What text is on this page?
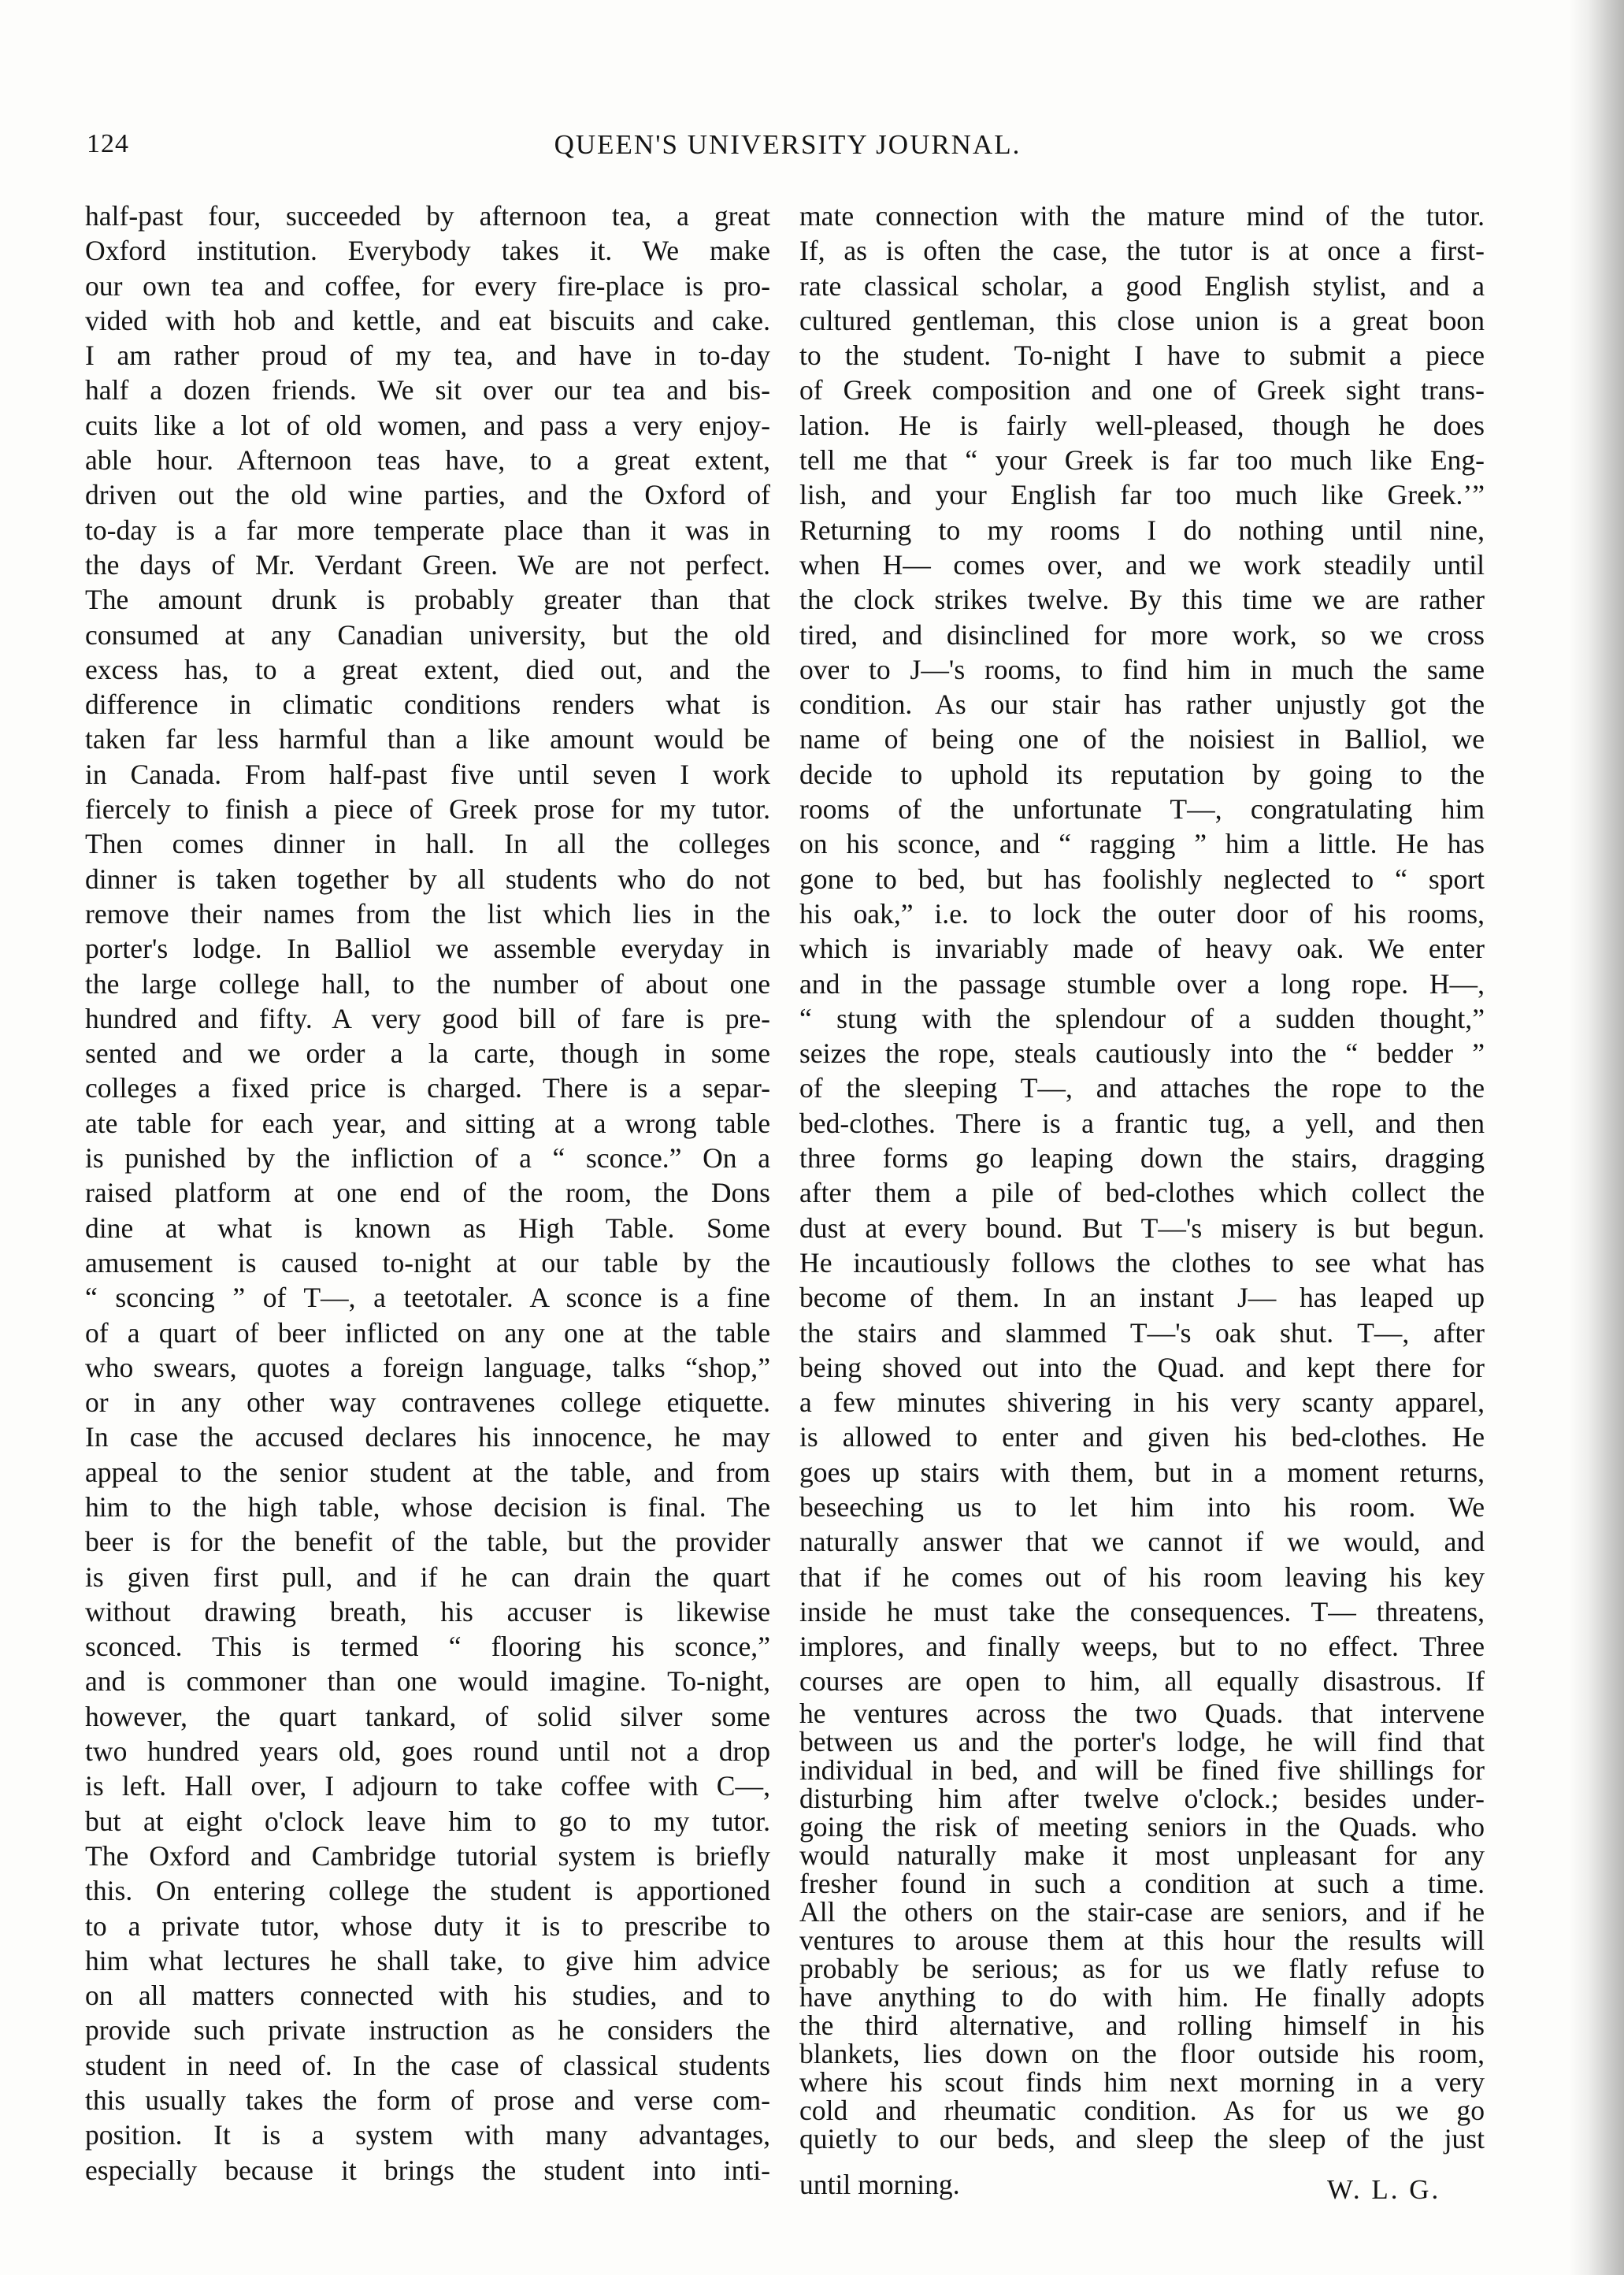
124	QUEEN'S UNIVERSITY JOURNAL.
half-past four, succeeded by afternoon tea, a great
Oxford institution. Everybody takes it. We make
our own tea and coffee, for every fire-place is pro-
vided with hob and kettle, and eat biscuits and cake.
I am rather proud of my tea, and have in to-day
half a dozen friends. We sit over our tea and bis-
cuits like a lot of old women, and pass a very enjoy-
able hour. Afternoon teas have, to a great extent,
driven out the old wine parties, and the Oxford of
to-day is a far more temperate place than it was in
the days of Mr. Verdant Green. We are not perfect.
The amount drunk is probably greater than that
consumed at any Canadian university, but the old
excess has, to a great extent, died out, and the
difference in climatic conditions renders what is
taken far less harmful than a like amount would be
in Canada. From half-past five until seven I work
fiercely to finish a piece of Greek prose for my tutor.
Then comes dinner in hall. In all the colleges
dinner is taken together by all students who do not
remove their names from the list which lies in the
porter's lodge. In Balliol we assemble everyday in
the large college hall, to the number of about one
hundred and fifty. A very good bill of fare is pre-
sented and we order a la carte, though in some
colleges a fixed price is charged. There is a separ-
ate table for each year, and sitting at a wrong table
is punished by the infliction of a “ sconce.” On a
raised platform at one end of the room, the Dons
dine at what is known as High Table. Some
amusement is caused to-night at our table by the
“ sconcing ” of T—, a teetotaler. A sconce is a fine
of a quart of beer inflicted on any one at the table
who swears, quotes a foreign language, talks “shop,”
or in any other way contravenes college etiquette.
In case the accused declares his innocence, he may
appeal to the senior student at the table, and from
him to the high table, whose decision is final. The
beer is for the benefit of the table, but the provider
is given first pull, and if he can drain the quart
without drawing breath, his accuser is likewise
sconced. This is termed “ flooring his sconce,”
and is commoner than one would imagine. To-night,
however, the quart tankard, of solid silver some
two hundred years old, goes round until not a drop
is left. Hall over, I adjourn to take coffee with C—,
but at eight o'clock leave him to go to my tutor.
The Oxford and Cambridge tutorial system is briefly
this. On entering college the student is apportioned
to a private tutor, whose duty it is to prescribe to
him what lectures he shall take, to give him advice
on all matters connected with his studies, and to
provide such private instruction as he considers the
student in need of. In the case of classical students
this usually takes the form of prose and verse com-
position. It is a system with many advantages,
especially because it brings the student into inti-
mate connection with the mature mind of the tutor.
If, as is often the case, the tutor is at once a first-
rate classical scholar, a good English stylist, and a
cultured gentleman, this close union is a great boon
to the student. To-night I have to submit a piece
of Greek composition and one of Greek sight trans-
lation. He is fairly well-pleased, though he does
tell me that “ your Greek is far too much like Eng-
lish, and your English far too much like Greek.’”
Returning to my rooms I do nothing until nine,
when H— comes over, and we work steadily until
the clock strikes twelve. By this time we are rather
tired, and disinclined for more work, so we cross
over to J—'s rooms, to find him in much the same
condition. As our stair has rather unjustly got the
name of being one of the noisiest in Balliol, we
decide to uphold its reputation by going to the
rooms of the unfortunate T—, congratulating him
on his sconce, and “ ragging ” him a little. He has
gone to bed, but has foolishly neglected to “ sport
his oak,” i.e. to lock the outer door of his rooms,
which is invariably made of heavy oak. We enter
and in the passage stumble over a long rope. H—,
“ stung with the splendour of a sudden thought,”
seizes the rope, steals cautiously into the “ bedder ”
of the sleeping T—, and attaches the rope to the
bed-clothes. There is a frantic tug, a yell, and then
three forms go leaping down the stairs, dragging
after them a pile of bed-clothes which collect the
dust at every bound. But T—'s misery is but begun.
He incautiously follows the clothes to see what has
become of them. In an instant J— has leaped up
the stairs and slammed T—'s oak shut. T—, after
being shoved out into the Quad. and kept there for
a few minutes shivering in his very scanty apparel,
is allowed to enter and given his bed-clothes. He
goes up stairs with them, but in a moment returns,
beseeching us to let him into his room. We
naturally answer that we cannot if we would, and
that if he comes out of his room leaving his key
inside he must take the consequences. T— threatens,
implores, and finally weeps, but to no effect. Three
courses are open to him, all equally disastrous. If
he ventures across the two Quads. that intervene
between us and the porter's lodge, he will find that
individual in bed, and will be fined five shillings for
disturbing him after twelve o'clock.; besides under-
going the risk of meeting seniors in the Quads. who
would naturally make it most unpleasant for any
fresher found in such a condition at such a time.
All the others on the stair-case are seniors, and if he
ventures to arouse them at this hour the results will
probably be serious; as for us we flatly refuse to
have anything to do with him. He finally adopts
the third alternative, and rolling himself in his
blankets, lies down on the floor outside his room,
where his scout finds him next morning in a very
cold and rheumatic condition. As for us we go
quietly to our beds, and sleep the sleep of the just
until morning.	W. L. G.
